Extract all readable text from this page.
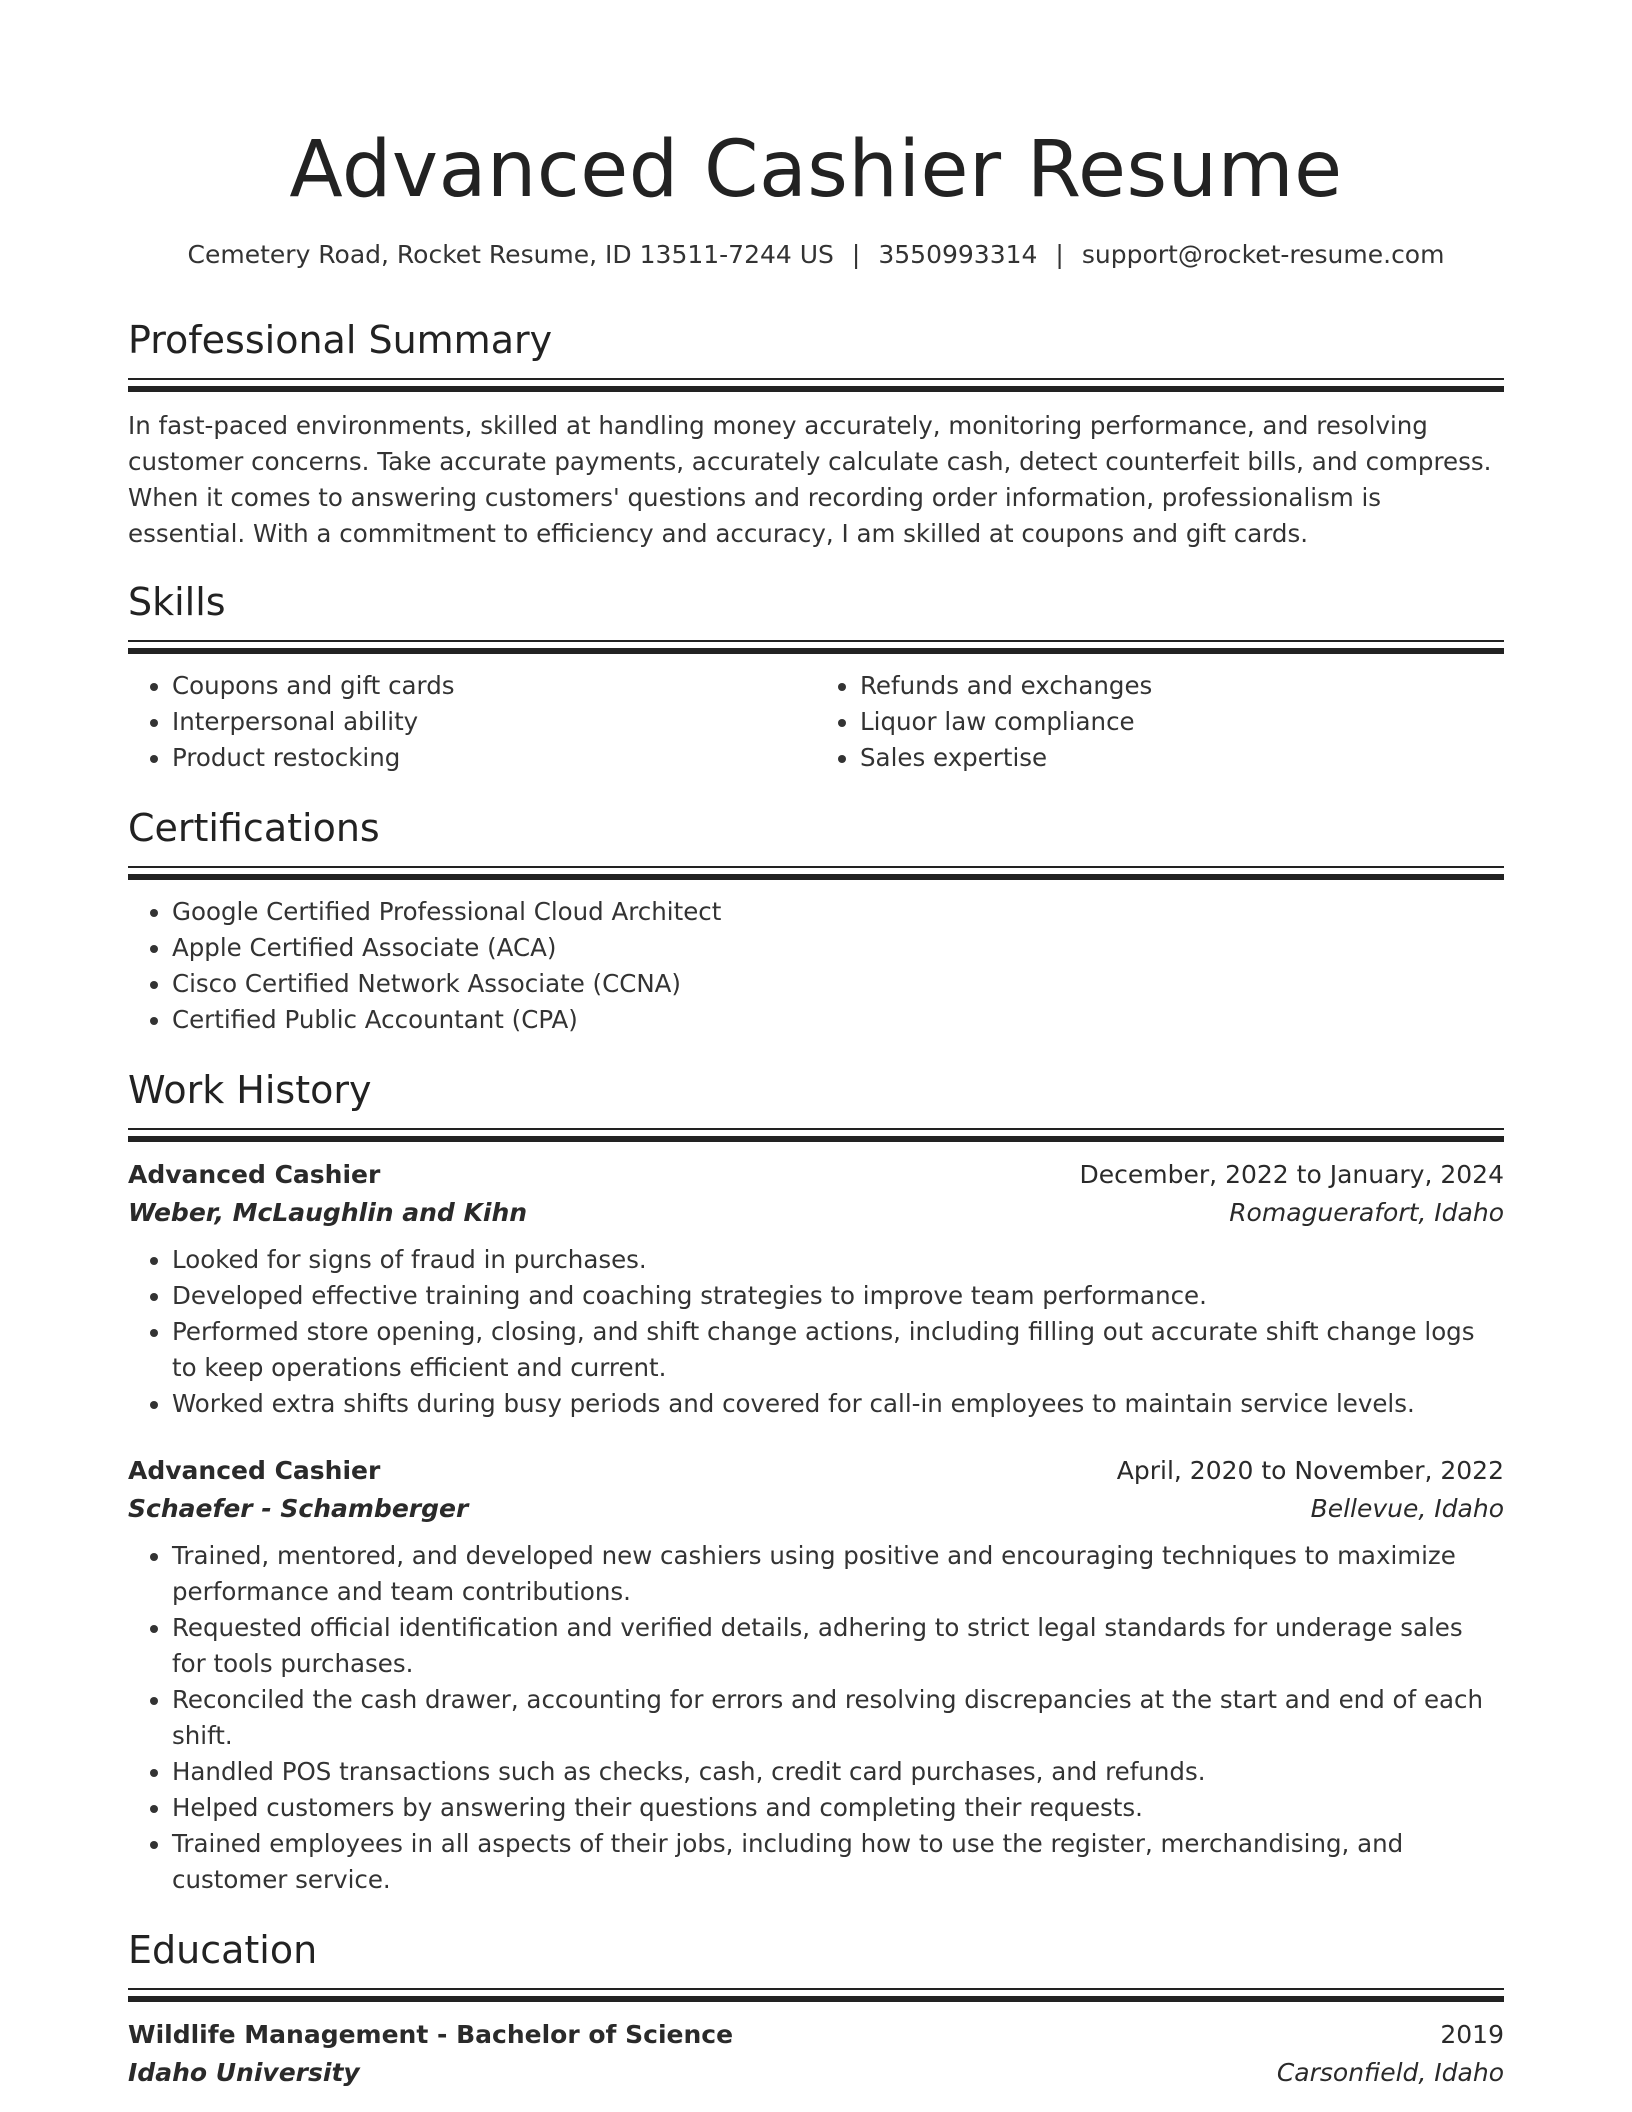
Advanced Cashier Resume
Cemetery Road, Rocket Resume, ID 13511-7244 US | 3550993314 | support@rocket-resume.com
Professional Summary

In fast-paced environments, skilled at handling money accurately, monitoring performance, and resolving customer concerns. Take accurate payments, accurately calculate cash, detect counterfeit bills, and compress. When it comes to answering customers' questions and recording order information, professionalism is essential. With a commitment to efficiency and accuracy, I am skilled at coupons and gift cards.

Skills
• Coupons and gift cards
• Interpersonal ability
• Product restocking
• Refunds and exchanges
• Liquor law compliance
• Sales expertise
Certifications
• Google Certified Professional Cloud Architect
• Apple Certified Associate (ACA)
• Cisco Certified Network Associate (CCNA)
• Certified Public Accountant (CPA)
Work History
Advanced Cashier	December, 2022 to January, 2024
Weber, McLaughlin and Kihn	Romaguerafort, Idaho
• Looked for signs of fraud in purchases.
• Developed effective training and coaching strategies to improve team performance.
• Performed store opening, closing, and shift change actions, including filling out accurate shift change logs to keep operations efficient and current.
• Worked extra shifts during busy periods and covered for call-in employees to maintain service levels.
Advanced Cashier	April, 2020 to November, 2022
Schaefer - Schamberger	Bellevue, Idaho
• Trained, mentored, and developed new cashiers using positive and encouraging techniques to maximize performance and team contributions.
• Requested official identification and verified details, adhering to strict legal standards for underage sales for tools purchases.
• Reconciled the cash drawer, accounting for errors and resolving discrepancies at the start and end of each shift.
• Handled POS transactions such as checks, cash, credit card purchases, and refunds.
• Helped customers by answering their questions and completing their requests.
• Trained employees in all aspects of their jobs, including how to use the register, merchandising, and customer service.
Education
Wildlife Management - Bachelor of Science	2019
Idaho University	Carsonfield, Idaho
